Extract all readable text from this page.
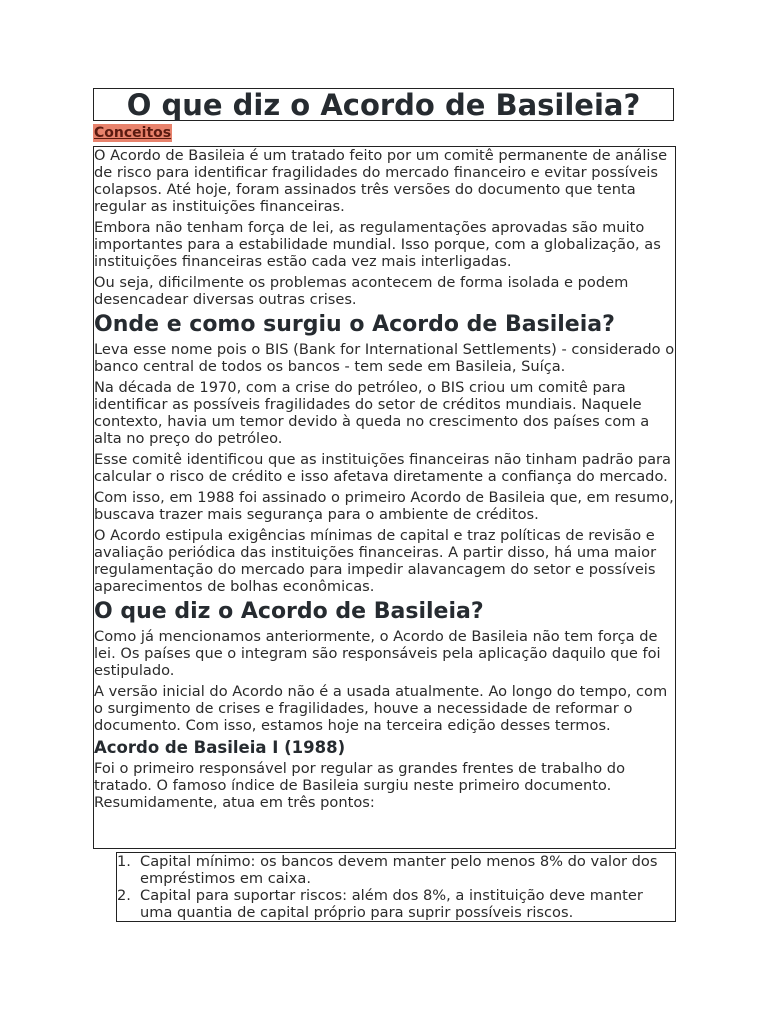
O que diz o Acordo de Basileia?
Conceitos

O Acordo de Basileia é um tratado feito por um comitê permanente de análise de risco para identificar fragilidades do mercado financeiro e evitar possíveis colapsos. Até hoje, foram assinados três versões do documento que tenta regular as instituições financeiras.

Embora não tenham força de lei, as regulamentações aprovadas são muito importantes para a estabilidade mundial. Isso porque, com a globalização, as instituições financeiras estão cada vez mais interligadas.

Ou seja, dificilmente os problemas acontecem de forma isolada e podem desencadear diversas outras crises.

Onde e como surgiu o Acordo de Basileia?

Leva esse nome pois o BIS (Bank for International Settlements) - considerado o banco central de todos os bancos - tem sede em Basileia, Suíça.

Na década de 1970, com a crise do petróleo, o BIS criou um comitê para identificar as possíveis fragilidades do setor de créditos mundiais. Naquele contexto, havia um temor devido à queda no crescimento dos países com a alta no preço do petróleo.

Esse comitê identificou que as instituições financeiras não tinham padrão para calcular o risco de crédito e isso afetava diretamente a confiança do mercado.

Com isso, em 1988 foi assinado o primeiro Acordo de Basileia que, em resumo, buscava trazer mais segurança para o ambiente de créditos.

O Acordo estipula exigências mínimas de capital e traz políticas de revisão e avaliação periódica das instituições financeiras. A partir disso, há uma maior regulamentação do mercado para impedir alavancagem do setor e possíveis aparecimentos de bolhas econômicas.

O que diz o Acordo de Basileia?

Como já mencionamos anteriormente, o Acordo de Basileia não tem força de lei. Os países que o integram são responsáveis pela aplicação daquilo que foi estipulado.

A versão inicial do Acordo não é a usada atualmente. Ao longo do tempo, com o surgimento de crises e fragilidades, houve a necessidade de reformar o documento. Com isso, estamos hoje na terceira edição desses termos.

Acordo de Basileia I (1988)

Foi o primeiro responsável por regular as grandes frentes de trabalho do tratado. O famoso índice de Basileia surgiu neste primeiro documento. Resumidamente, atua em três pontos:

1. Capital mínimo: os bancos devem manter pelo menos 8% do valor dos empréstimos em caixa.
2. Capital para suportar riscos: além dos 8%, a instituição deve manter uma quantia de capital próprio para suprir possíveis riscos.
